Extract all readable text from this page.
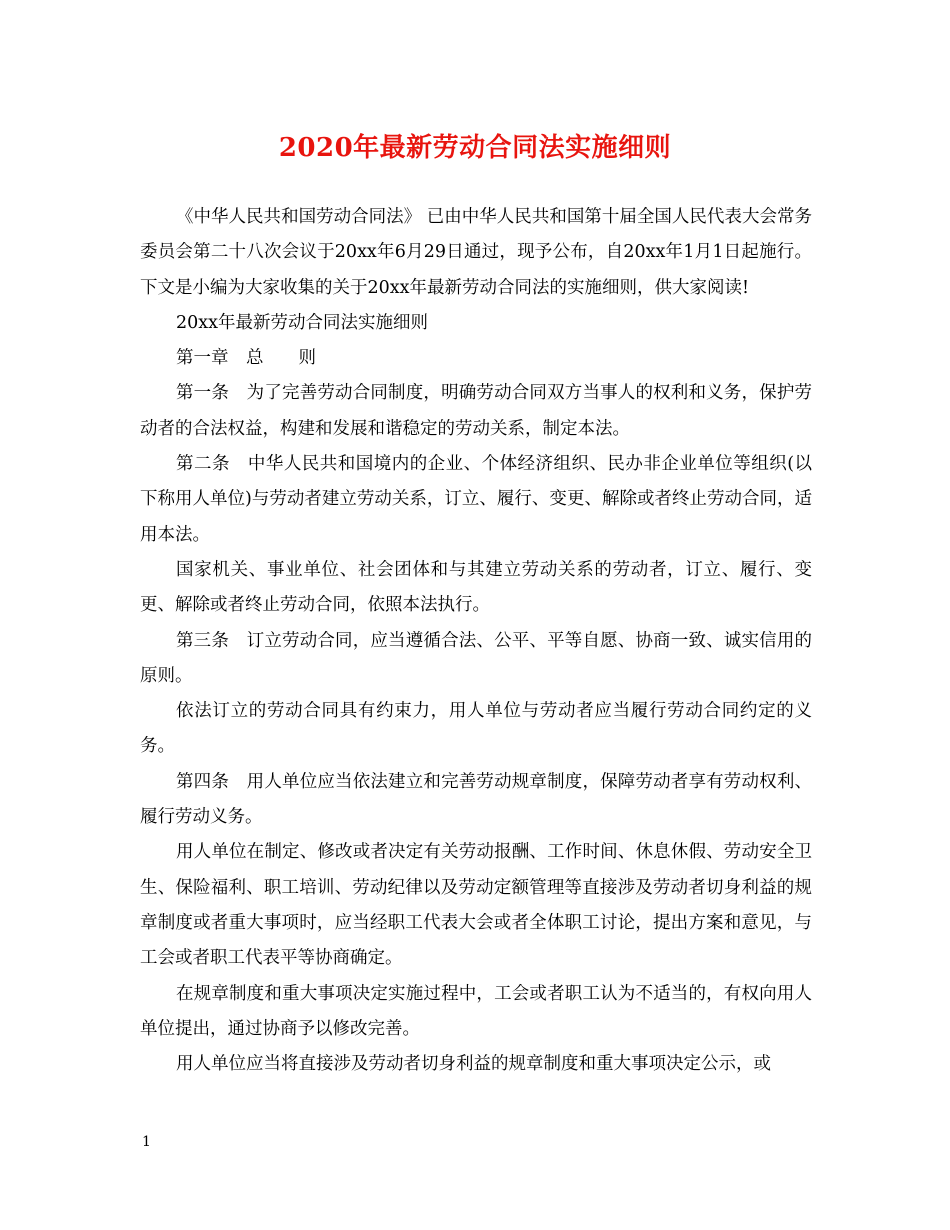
2020年最新劳动合同法实施细则

《中华人民共和国劳动合同法》 已由中华人民共和国第十届全国人民代表大会常务委员会第二十八次会议于20xx年6月29日通过，现予公布，自20xx年1月1日起施行。下文是小编为大家收集的关于20xx年最新劳动合同法的实施细则，供大家阅读!

20xx年最新劳动合同法实施细则

第一章　总　　则

第一条　为了完善劳动合同制度，明确劳动合同双方当事人的权利和义务，保护劳动者的合法权益，构建和发展和谐稳定的劳动关系，制定本法。

第二条　中华人民共和国境内的企业、个体经济组织、民办非企业单位等组织(以下称用人单位)与劳动者建立劳动关系，订立、履行、变更、解除或者终止劳动合同，适用本法。

国家机关、事业单位、社会团体和与其建立劳动关系的劳动者，订立、履行、变更、解除或者终止劳动合同，依照本法执行。

第三条　订立劳动合同，应当遵循合法、公平、平等自愿、协商一致、诚实信用的原则。

依法订立的劳动合同具有约束力，用人单位与劳动者应当履行劳动合同约定的义务。

第四条　用人单位应当依法建立和完善劳动规章制度，保障劳动者享有劳动权利、履行劳动义务。

用人单位在制定、修改或者决定有关劳动报酬、工作时间、休息休假、劳动安全卫生、保险福利、职工培训、劳动纪律以及劳动定额管理等直接涉及劳动者切身利益的规章制度或者重大事项时，应当经职工代表大会或者全体职工讨论，提出方案和意见，与工会或者职工代表平等协商确定。

在规章制度和重大事项决定实施过程中，工会或者职工认为不适当的，有权向用人单位提出，通过协商予以修改完善。

用人单位应当将直接涉及劳动者切身利益的规章制度和重大事项决定公示，或

1
